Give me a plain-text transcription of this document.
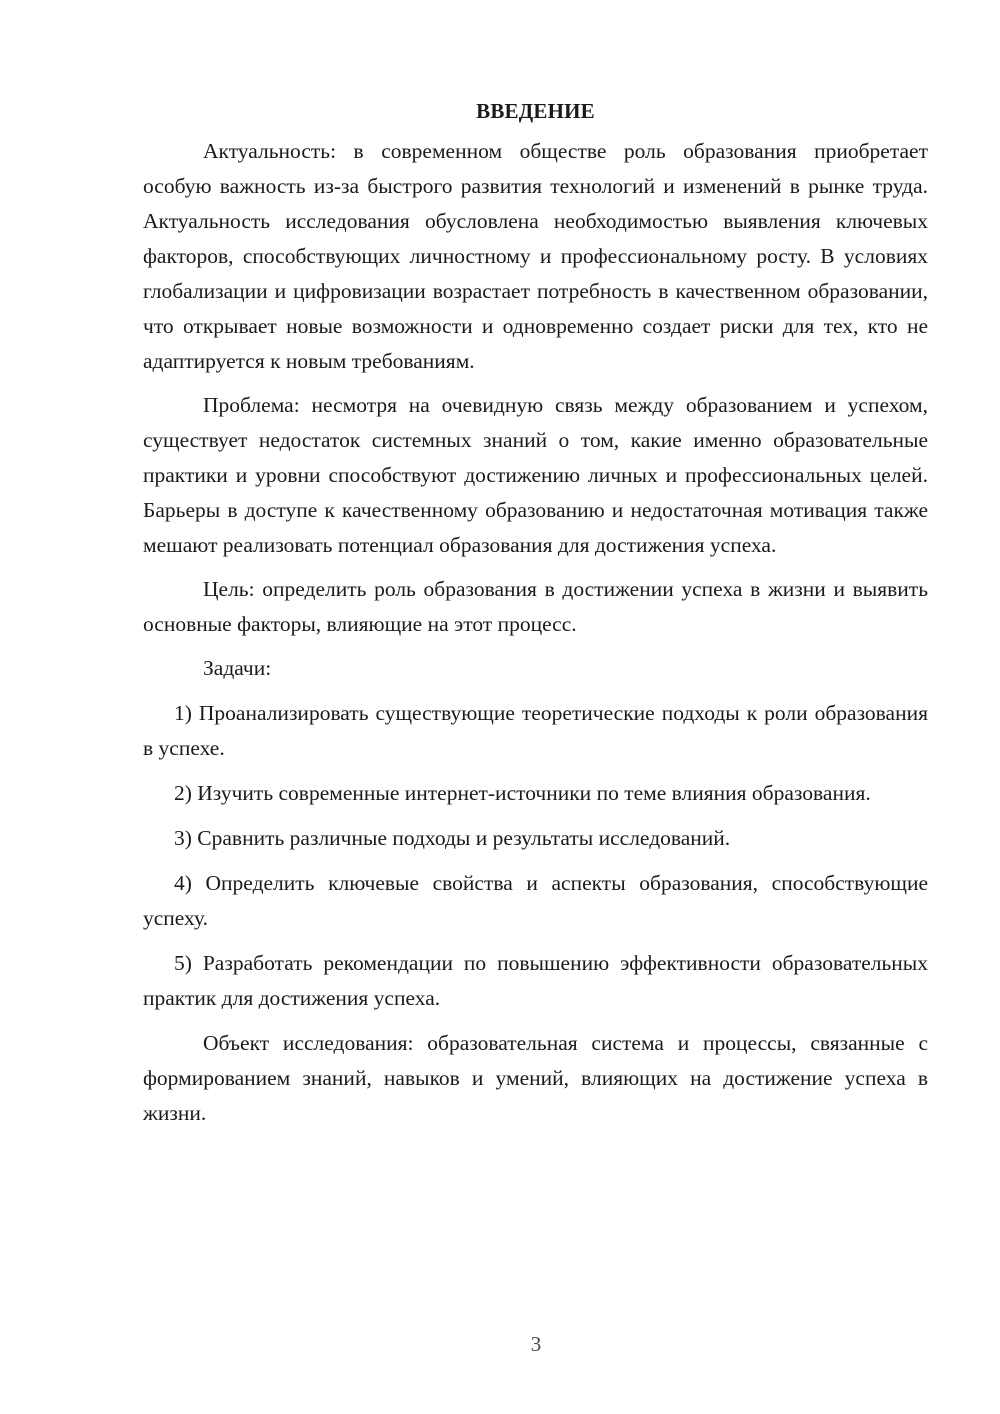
ВВЕДЕНИЕ

Актуальность: в современном обществе роль образования приобретает особую важность из-за быстрого развития технологий и изменений в рынке труда. Актуальность исследования обусловлена необходимостью выявления ключевых факторов, способствующих личностному и профессиональному росту. В условиях глобализации и цифровизации возрастает потребность в качественном образовании, что открывает новые возможности и одновременно создает риски для тех, кто не адаптируется к новым требованиям.

Проблема: несмотря на очевидную связь между образованием и успехом, существует недостаток системных знаний о том, какие именно образовательные практики и уровни способствуют достижению личных и профессиональных целей. Барьеры в доступе к качественному образованию и недостаточная мотивация также мешают реализовать потенциал образования для достижения успеха.

Цель: определить роль образования в достижении успеха в жизни и выявить основные факторы, влияющие на этот процесс.

Задачи:

1) Проанализировать существующие теоретические подходы к роли образования в успехе.

2) Изучить современные интернет-источники по теме влияния образования.

3) Сравнить различные подходы и результаты исследований.

4) Определить ключевые свойства и аспекты образования, способствующие успеху.

5) Разработать рекомендации по повышению эффективности образовательных практик для достижения успеха.

Объект исследования: образовательная система и процессы, связанные с формированием знаний, навыков и умений, влияющих на достижение успеха в жизни.

3
